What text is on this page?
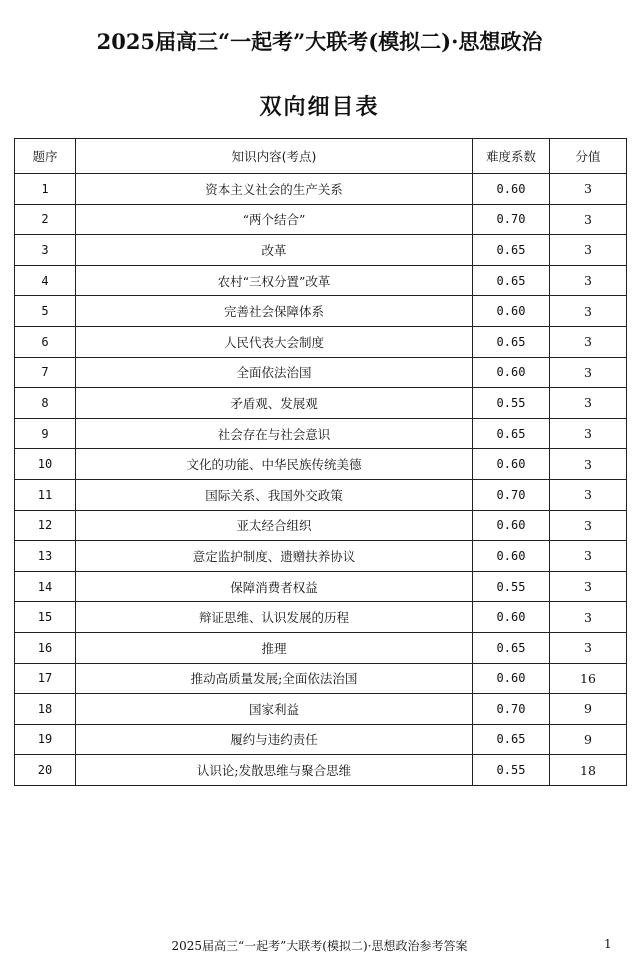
2025届高三“一起考”大联考(模拟二)·思想政治
双向细目表
题序	知识内容(考点)	难度系数	分值
1	资本主义社会的生产关系	0.60	3
2	“两个结合”	0.70	3
3	改革	0.65	3
4	农村“三权分置”改革	0.65	3
5	完善社会保障体系	0.60	3
6	人民代表大会制度	0.65	3
7	全面依法治国	0.60	3
8	矛盾观、发展观	0.55	3
9	社会存在与社会意识	0.65	3
10	文化的功能、中华民族传统美德	0.60	3
11	国际关系、我国外交政策	0.70	3
12	亚太经合组织	0.60	3
13	意定监护制度、遗赠扶养协议	0.60	3
14	保障消费者权益	0.55	3
15	辩证思维、认识发展的历程	0.60	3
16	推理	0.65	3
17	推动高质量发展;全面依法治国	0.60	16
18	国家利益	0.70	9
19	履约与违约责任	0.65	9
20	认识论;发散思维与聚合思维	0.55	18
2025届高三“一起考”大联考(模拟二)·思想政治参考答案	1
